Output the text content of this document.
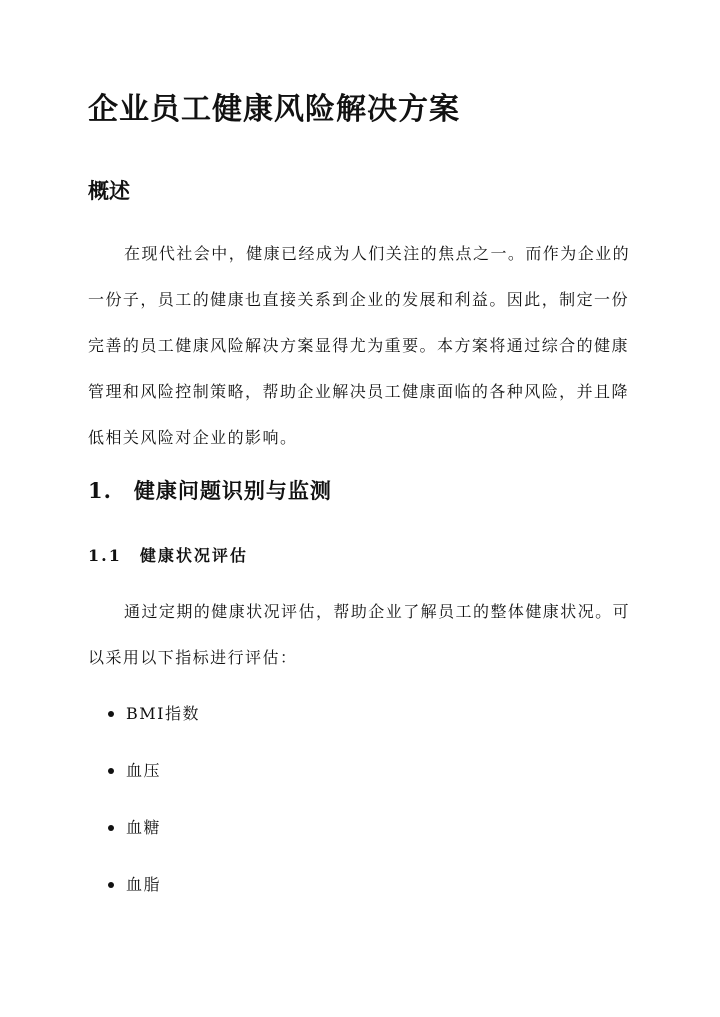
企业员工健康风险解决方案
概述

在现代社会中，健康已经成为人们关注的焦点之一。而作为企业的一份子，员工的健康也直接关系到企业的发展和利益。因此，制定一份完善的员工健康风险解决方案显得尤为重要。本方案将通过综合的健康管理和风险控制策略，帮助企业解决员工健康面临的各种风险，并且降低相关风险对企业的影响。

1.　健康问题识别与监测
1.1　健康状况评估

通过定期的健康状况评估，帮助企业了解员工的整体健康状况。可以采用以下指标进行评估：

BMI指数
血压
血糖
血脂
